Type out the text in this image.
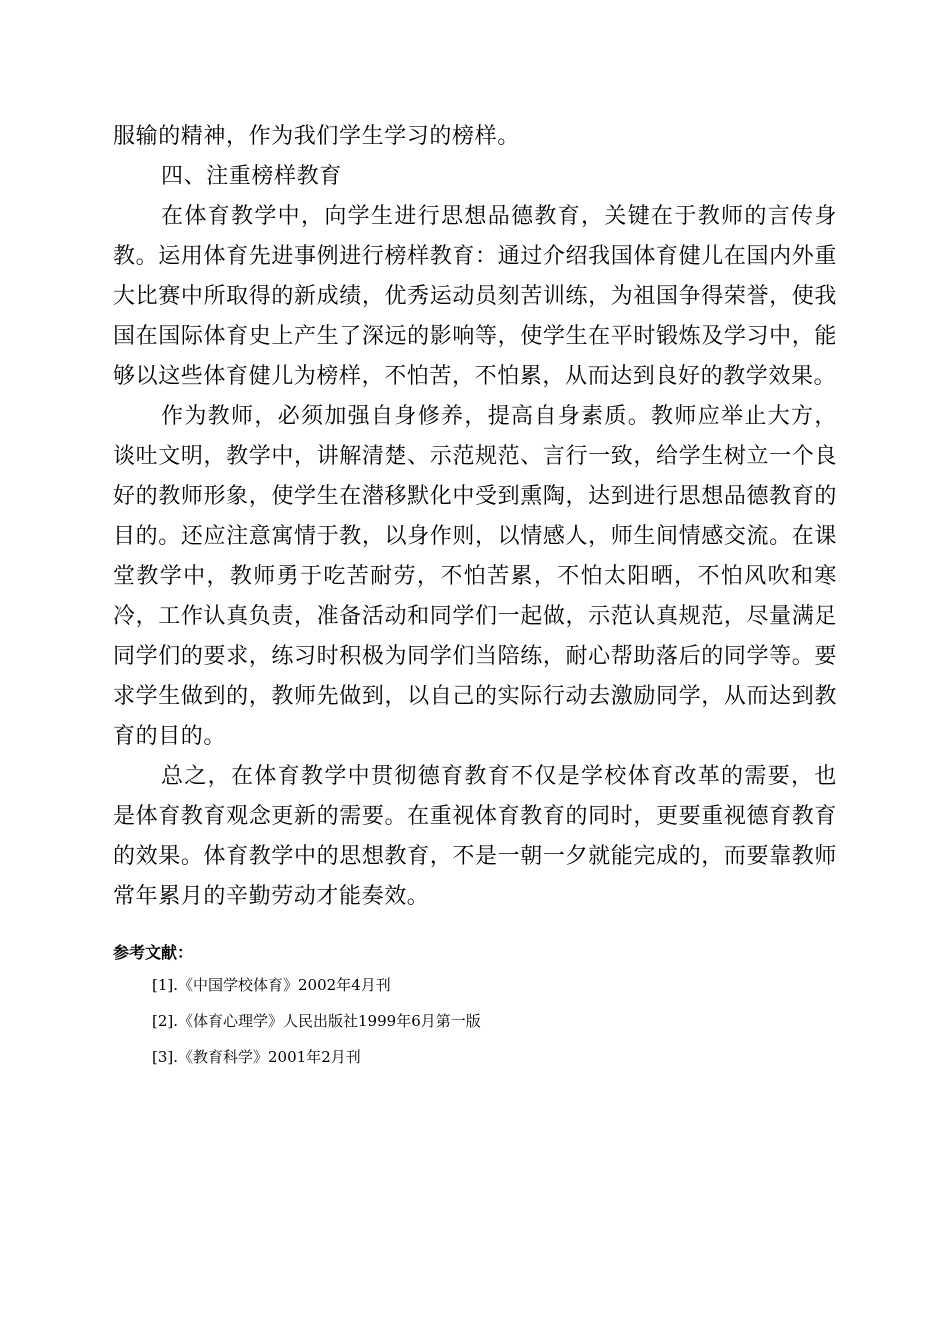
服输的精神，作为我们学生学习的榜样。

四、注重榜样教育

在体育教学中，向学生进行思想品德教育，关键在于教师的言传身教。运用体育先进事例进行榜样教育：通过介绍我国体育健儿在国内外重大比赛中所取得的新成绩，优秀运动员刻苦训练，为祖国争得荣誉，使我国在国际体育史上产生了深远的影响等，使学生在平时锻炼及学习中，能够以这些体育健儿为榜样，不怕苦，不怕累，从而达到良好的教学效果。

作为教师，必须加强自身修养，提高自身素质。教师应举止大方，谈吐文明，教学中，讲解清楚、示范规范、言行一致，给学生树立一个良好的教师形象，使学生在潜移默化中受到熏陶，达到进行思想品德教育的目的。还应注意寓情于教，以身作则，以情感人，师生间情感交流。在课堂教学中，教师勇于吃苦耐劳，不怕苦累，不怕太阳晒，不怕风吹和寒冷，工作认真负责，准备活动和同学们一起做，示范认真规范，尽量满足同学们的要求，练习时积极为同学们当陪练，耐心帮助落后的同学等。要求学生做到的，教师先做到，以自己的实际行动去激励同学，从而达到教育的目的。

总之，在体育教学中贯彻德育教育不仅是学校体育改革的需要，也是体育教育观念更新的需要。在重视体育教育的同时，更要重视德育教育的效果。体育教学中的思想教育，不是一朝一夕就能完成的，而要靠教师常年累月的辛勤劳动才能奏效。

参考文献：
[1].《中国学校体育》2002年4月刊
[2].《体育心理学》人民出版社1999年6月第一版
[3].《教育科学》2001年2月刊
